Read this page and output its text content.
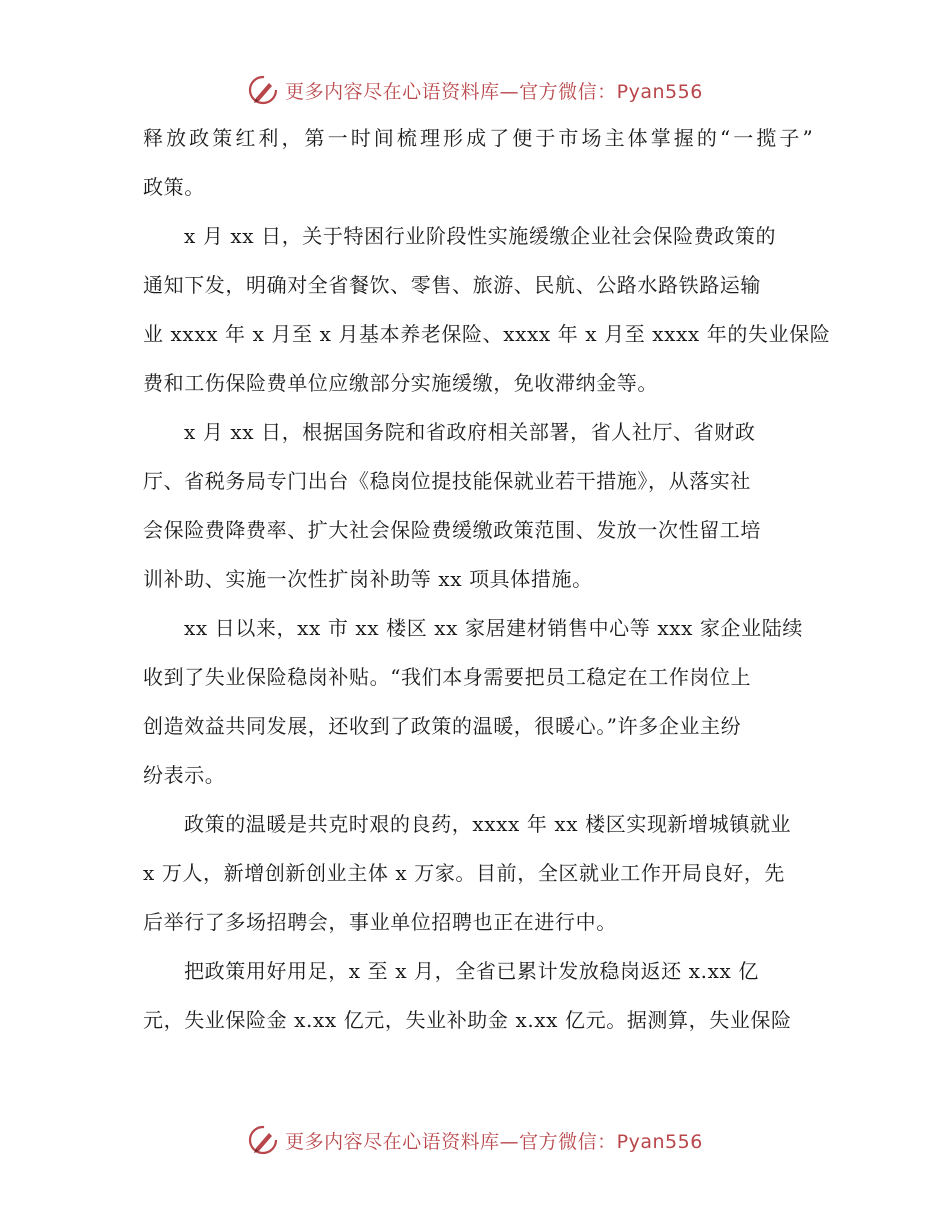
更多内容尽在心语资料库—官方微信：Pyan556
释 放 政 策 红 利 ， 第 一 时 间 梳 理 形 成 了 便 于 市 场 主 体 掌 握 的 “ 一 揽 子 ”
政策。
x 月 xx 日，关于特困行业阶段性实施缓缴企业社会保险费政策的
通知下发，明确对全省餐饮、零售、旅游、民航、公路水路铁路运输
业 xxxx 年 x 月至 x 月基本养老保险、xxxx 年 x 月至 xxxx 年的失业保险
费和工伤保险费单位应缴部分实施缓缴，免收滞纳金等。
x 月 xx 日，根据国务院和省政府相关部署，省人社厅、省财政
厅、省税务局专门出台《稳岗位提技能保就业若干措施》，从落实社
会保险费降费率、扩大社会保险费缓缴政策范围、发放一次性留工培
训补助、实施一次性扩岗补助等 xx 项具体措施。
xx 日以来，xx 市 xx 楼区 xx 家居建材销售中心等 xxx 家企业陆续
收到了失业保险稳岗补贴。“我们本身需要把员工稳定在工作岗位上
创造效益共同发展，还收到了政策的温暖，很暖心。”许多企业主纷
纷表示。
政策的温暖是共克时艰的良药，xxxx 年 xx 楼区实现新增城镇就业
x 万人，新增创新创业主体 x 万家。目前，全区就业工作开局良好，先
后举行了多场招聘会，事业单位招聘也正在进行中。
把政策用好用足，x 至 x 月，全省已累计发放稳岗返还 x.xx 亿
元，失业保险金 x.xx 亿元，失业补助金 x.xx 亿元。据测算，失业保险
更多内容尽在心语资料库—官方微信：Pyan556
